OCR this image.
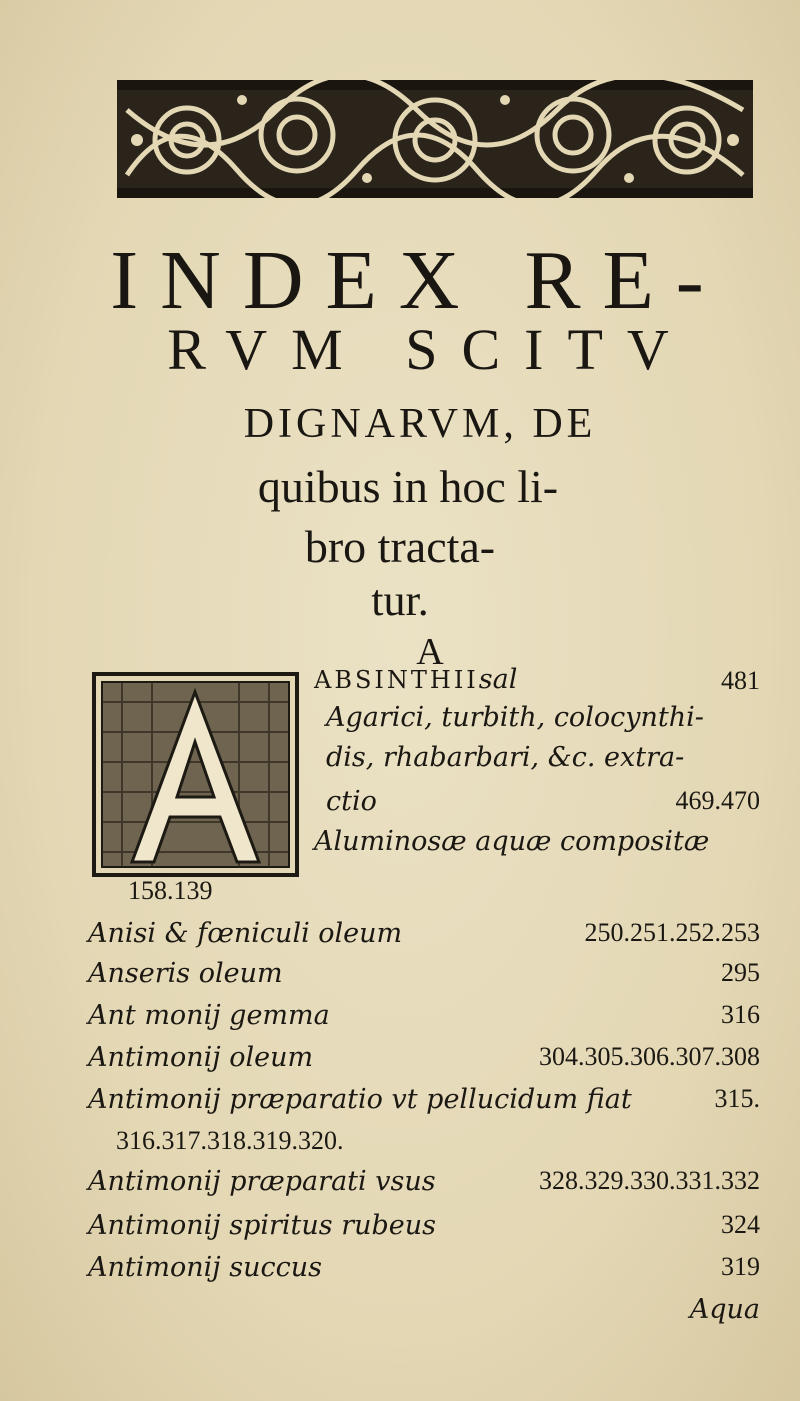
INDEX RE-
RVM SCITV
DIGNARVM, DE
quibus in hoc li-
bro tracta-
tur.
A
ABSINTHIIsal	481
Agarici, turbith, colocynthi-
dis, rhabarbari, &c. extra-
ctio	469.470
Aluminosæ aquæ compositæ
158.139
Anisi & fœniculi oleum	250.251.252.253
Anseris oleum	295
Ant monij gemma	316
Antimonij oleum	304.305.306.307.308
Antimonij præparatio vt pellucidum fiat	315.
316.317.318.319.320.
Antimonij præparati vsus	328.329.330.331.332
Antimonij spiritus rubeus	324
Antimonij succus	319
Aqua
